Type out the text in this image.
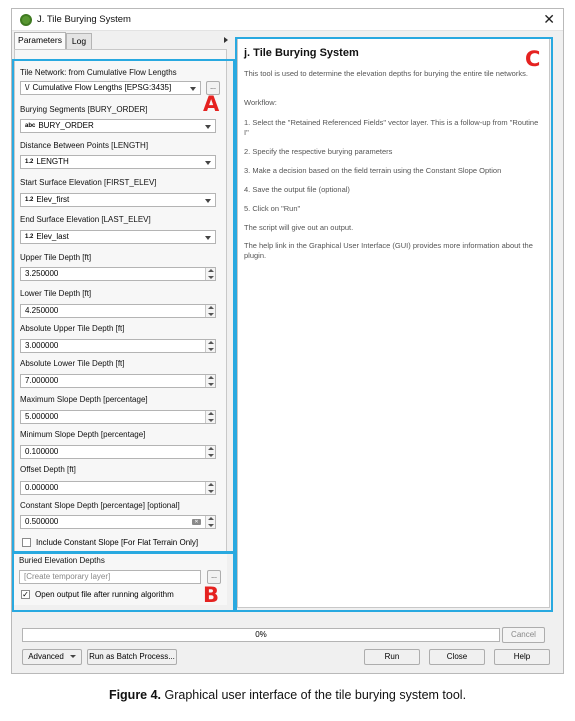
J. Tile Burying System	✕
Parameters	Log
Tile Network: from Cumulative Flow Lengths
\/ Cumulative Flow Lengths [EPSG:3435]	...
Burying Segments [BURY_ORDER]
abc BURY_ORDER
Distance Between Points [LENGTH]
1.2 LENGTH
Start Surface Elevation [FIRST_ELEV]
1.2 Elev_first
End Surface Elevation [LAST_ELEV]
1.2 Elev_last
Upper Tile Depth [ft]
3.250000
Lower Tile Depth [ft]
4.250000
Absolute Upper Tile Depth [ft]
3.000000
Absolute Lower Tile Depth [ft]
7.000000
Maximum Slope Depth [percentage]
5.000000
Minimum Slope Depth [percentage]
0.100000
Offset Depth [ft]
0.000000
Constant Slope Depth [percentage] [optional]
0.500000	✕
Include Constant Slope [For Flat Terrain Only]
Buried Elevation Depths
[Create temporary layer]	...
✓ Open output file after running algorithm
j. Tile Burying System
This tool is used to determine the elevation depths for burying the entire tile networks.
Workflow:
1. Select the "Retained Referenced Fields" vector layer. This is a follow-up from "Routine I"
2. Specify the respective burying parameters
3. Make a decision based on the field terrain using the Constant Slope Option
4. Save the output file (optional)
5. Click on "Run"
The script will give out an output.
The help link in the Graphical User Interface (GUI) provides more information about the plugin.
A
B
C
0%	Cancel
Advanced	Run as Batch Process...	Run	Close	Help
Figure 4. Graphical user interface of the tile burying system tool.
